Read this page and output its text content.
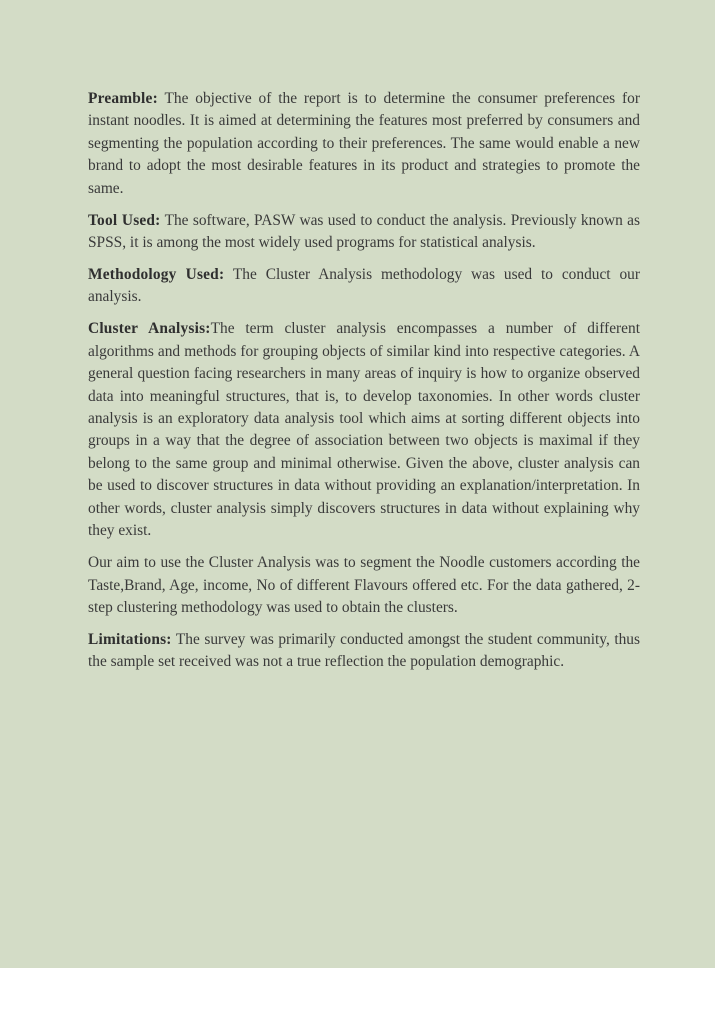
Preamble: The objective of the report is to determine the consumer preferences for instant noodles. It is aimed at determining the features most preferred by consumers and segmenting the population according to their preferences. The same would enable a new brand to adopt the most desirable features in its product and strategies to promote the same.

Tool Used: The software, PASW was used to conduct the analysis. Previously known as SPSS, it is among the most widely used programs for statistical analysis.

Methodology Used: The Cluster Analysis methodology was used to conduct our analysis.

Cluster Analysis:The term cluster analysis encompasses a number of different algorithms and methods for grouping objects of similar kind into respective categories. A general question facing researchers in many areas of inquiry is how to organize observed data into meaningful structures, that is, to develop taxonomies. In other words cluster analysis is an exploratory data analysis tool which aims at sorting different objects into groups in a way that the degree of association between two objects is maximal if they belong to the same group and minimal otherwise. Given the above, cluster analysis can be used to discover structures in data without providing an explanation/interpretation. In other words, cluster analysis simply discovers structures in data without explaining why they exist.

Our aim to use the Cluster Analysis was to segment the Noodle customers according the Taste,Brand, Age, income, No of different Flavours offered etc. For the data gathered, 2-step clustering methodology was used to obtain the clusters.

Limitations: The survey was primarily conducted amongst the student community, thus the sample set received was not a true reflection the population demographic.
